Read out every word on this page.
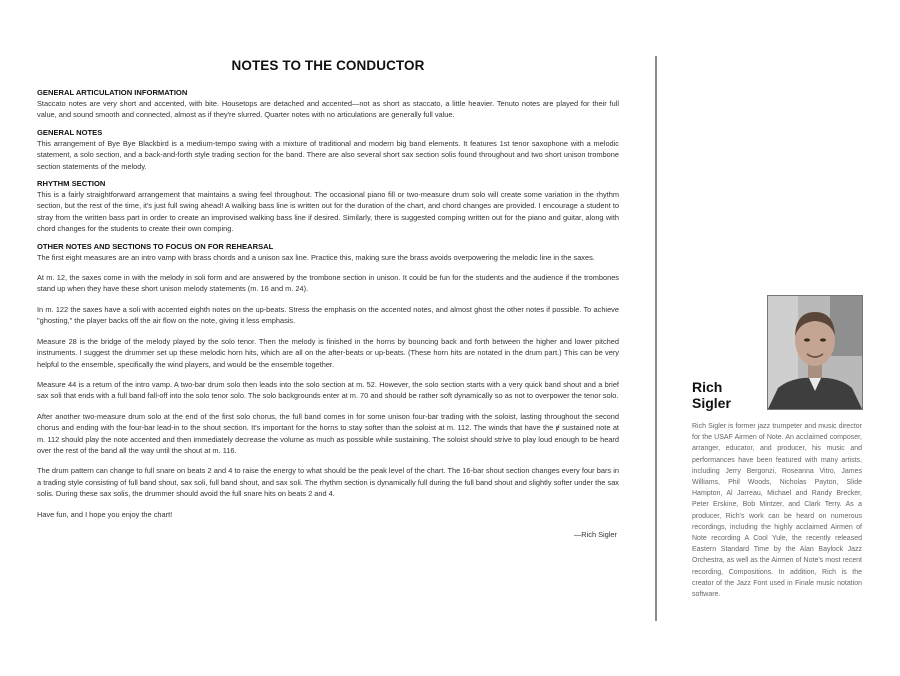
NOTES TO THE CONDUCTOR
GENERAL ARTICULATION INFORMATION

Staccato notes are very short and accented, with bite. Housetops are detached and accented—not as short as staccato, a little heavier. Tenuto notes are played for their full value, and sound smooth and connected, almost as if they're slurred. Quarter notes with no articulations are generally full value.

GENERAL NOTES

This arrangement of Bye Bye Blackbird is a medium-tempo swing with a mixture of traditional and modern big band elements. It features 1st tenor saxophone with a melodic statement, a solo section, and a back-and-forth style trading section for the band. There are also several short sax section solis found throughout and two short unison trombone section statements of the melody.

RHYTHM SECTION

This is a fairly straightforward arrangement that maintains a swing feel throughout. The occasional piano fill or two-measure drum solo will create some variation in the rhythm section, but the rest of the time, it's just full swing ahead! A walking bass line is written out for the duration of the chart, and chord changes are provided. I encourage a student to stray from the written bass part in order to create an improvised walking bass line if desired. Similarly, there is suggested comping written out for the piano and guitar, along with chord changes for the students to create their own comping.

OTHER NOTES AND SECTIONS TO FOCUS ON FOR REHEARSAL

The first eight measures are an intro vamp with brass chords and a unison sax line. Practice this, making sure the brass avoids overpowering the melodic line in the saxes.

At m. 12, the saxes come in with the melody in soli form and are answered by the trombone section in unison. It could be fun for the students and the audience if the trombones stand up when they have these short unison melody statements (m. 16 and m. 24).

In m. 122 the saxes have a soli with accented eighth notes on the up-beats. Stress the emphasis on the accented notes, and almost ghost the other notes if possible. To achieve "ghosting," the player backs off the air flow on the note, giving it less emphasis.

Measure 28 is the bridge of the melody played by the solo tenor. Then the melody is finished in the horns by bouncing back and forth between the higher and lower pitched instruments. I suggest the drummer set up these melodic horn hits, which are all on the after-beats or up-beats. (These horn hits are notated in the drum part.) This can be very helpful to the ensemble, specifically the wind players, and would be the ensemble together.

Measure 44 is a return of the intro vamp. A two-bar drum solo then leads into the solo section at m. 52. However, the solo section starts with a very quick band shout and a brief sax soli that ends with a full band fall-off into the solo tenor solo. The solo backgrounds enter at m. 70 and should be rather soft dynamically so as not to overpower the tenor solo.

After another two-measure drum solo at the end of the first solo chorus, the full band comes in for some unison four-bar trading with the soloist, lasting throughout the second chorus and ending with the four-bar lead-in to the shout section. It's important for the horns to stay softer than the soloist at m. 112. The winds that have the ɇ sustained note at m. 112 should play the note accented and then immediately decrease the volume as much as possible while sustaining. The soloist should strive to play loud enough to be heard over the rest of the band all the way until the shout at m. 116.

The drum pattern can change to full snare on beats 2 and 4 to raise the energy to what should be the peak level of the chart. The 16-bar shout section changes every four bars in a trading style consisting of full band shout, sax soli, full band shout, and sax soli. The rhythm section is dynamically full during the full band shout and slightly softer under the sax solis. During these sax solis, the drummer should avoid the full snare hits on beats 2 and 4.

Have fun, and I hope you enjoy the chart!

—Rich Sigler
Rich
Sigler
Rich Sigler is former jazz trumpeter and music director for the USAF Airmen of Note. An acclaimed composer, arranger, educator, and producer, his music and performances have been featured with many artists, including Jerry Bergonzi, Roseanna Vitro, James Williams, Phil Woods, Nicholas Payton, Slide Hampton, Al Jarreau, Michael and Randy Brecker, Peter Erskine, Bob Mintzer, and Clark Terry. As a producer, Rich's work can be heard on numerous recordings, including the highly acclaimed Airmen of Note recording A Cool Yule, the recently released Eastern Standard Time by the Alan Baylock Jazz Orchestra, as well as the Airmen of Note's most recent recording, Compositions. In addition, Rich is the creator of the Jazz Font used in Finale music notation software.
